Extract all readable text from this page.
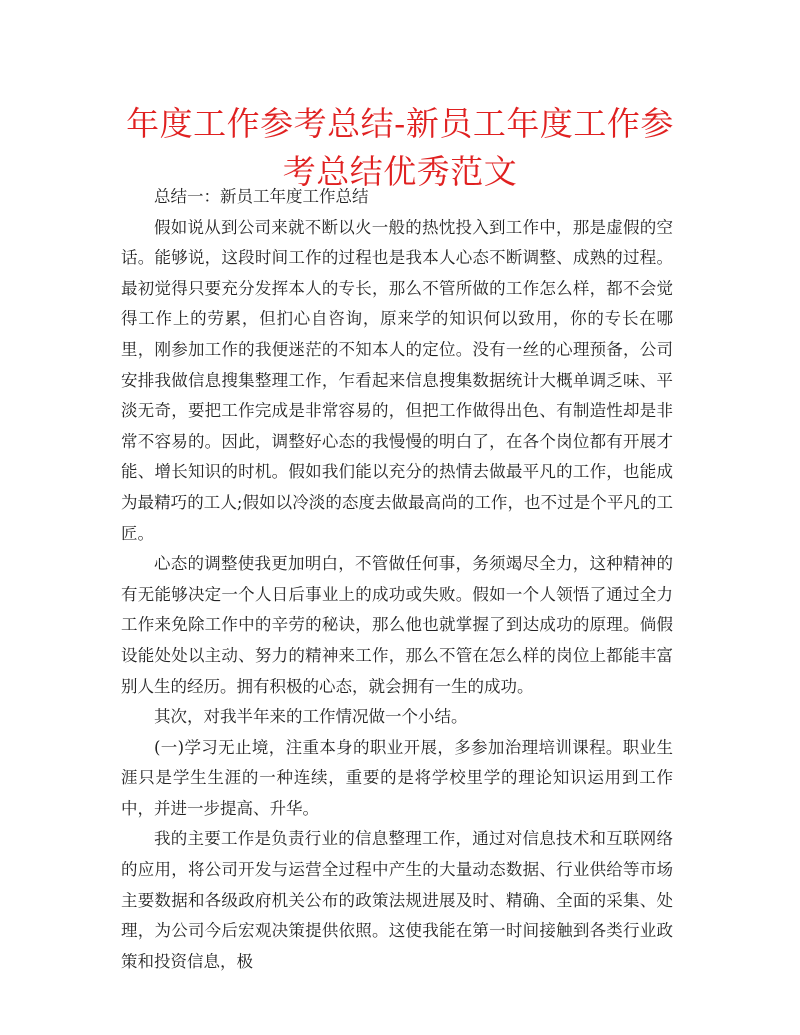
年度工作参考总结-新员工年度工作参考总结优秀范文

总结一：新员工年度工作总结

假如说从到公司来就不断以火一般的热忱投入到工作中，那是虚假的空话。能够说，这段时间工作的过程也是我本人心态不断调整、成熟的过程。最初觉得只要充分发挥本人的专长，那么不管所做的工作怎么样，都不会觉得工作上的劳累，但扪心自咨询，原来学的知识何以致用，你的专长在哪里，刚参加工作的我便迷茫的不知本人的定位。没有一丝的心理预备，公司安排我做信息搜集整理工作，乍看起来信息搜集数据统计大概单调乏味、平淡无奇，要把工作完成是非常容易的，但把工作做得出色、有制造性却是非常不容易的。因此，调整好心态的我慢慢的明白了，在各个岗位都有开展才能、增长知识的时机。假如我们能以充分的热情去做最平凡的工作，也能成为最精巧的工人;假如以冷淡的态度去做最高尚的工作，也不过是个平凡的工匠。

心态的调整使我更加明白，不管做任何事，务须竭尽全力，这种精神的有无能够决定一个人日后事业上的成功或失败。假如一个人领悟了通过全力工作来免除工作中的辛劳的秘诀，那么他也就掌握了到达成功的原理。倘假设能处处以主动、努力的精神来工作，那么不管在怎么样的岗位上都能丰富别人生的经历。拥有积极的心态，就会拥有一生的成功。

其次，对我半年来的工作情况做一个小结。

(一)学习无止境，注重本身的职业开展，多参加治理培训课程。职业生涯只是学生生涯的一种连续，重要的是将学校里学的理论知识运用到工作中，并进一步提高、升华。

我的主要工作是负责行业的信息整理工作，通过对信息技术和互联网络的应用，将公司开发与运营全过程中产生的大量动态数据、行业供给等市场主要数据和各级政府机关公布的政策法规进展及时、精确、全面的采集、处理，为公司今后宏观决策提供依照。这使我能在第一时间接触到各类行业政策和投资信息，极
